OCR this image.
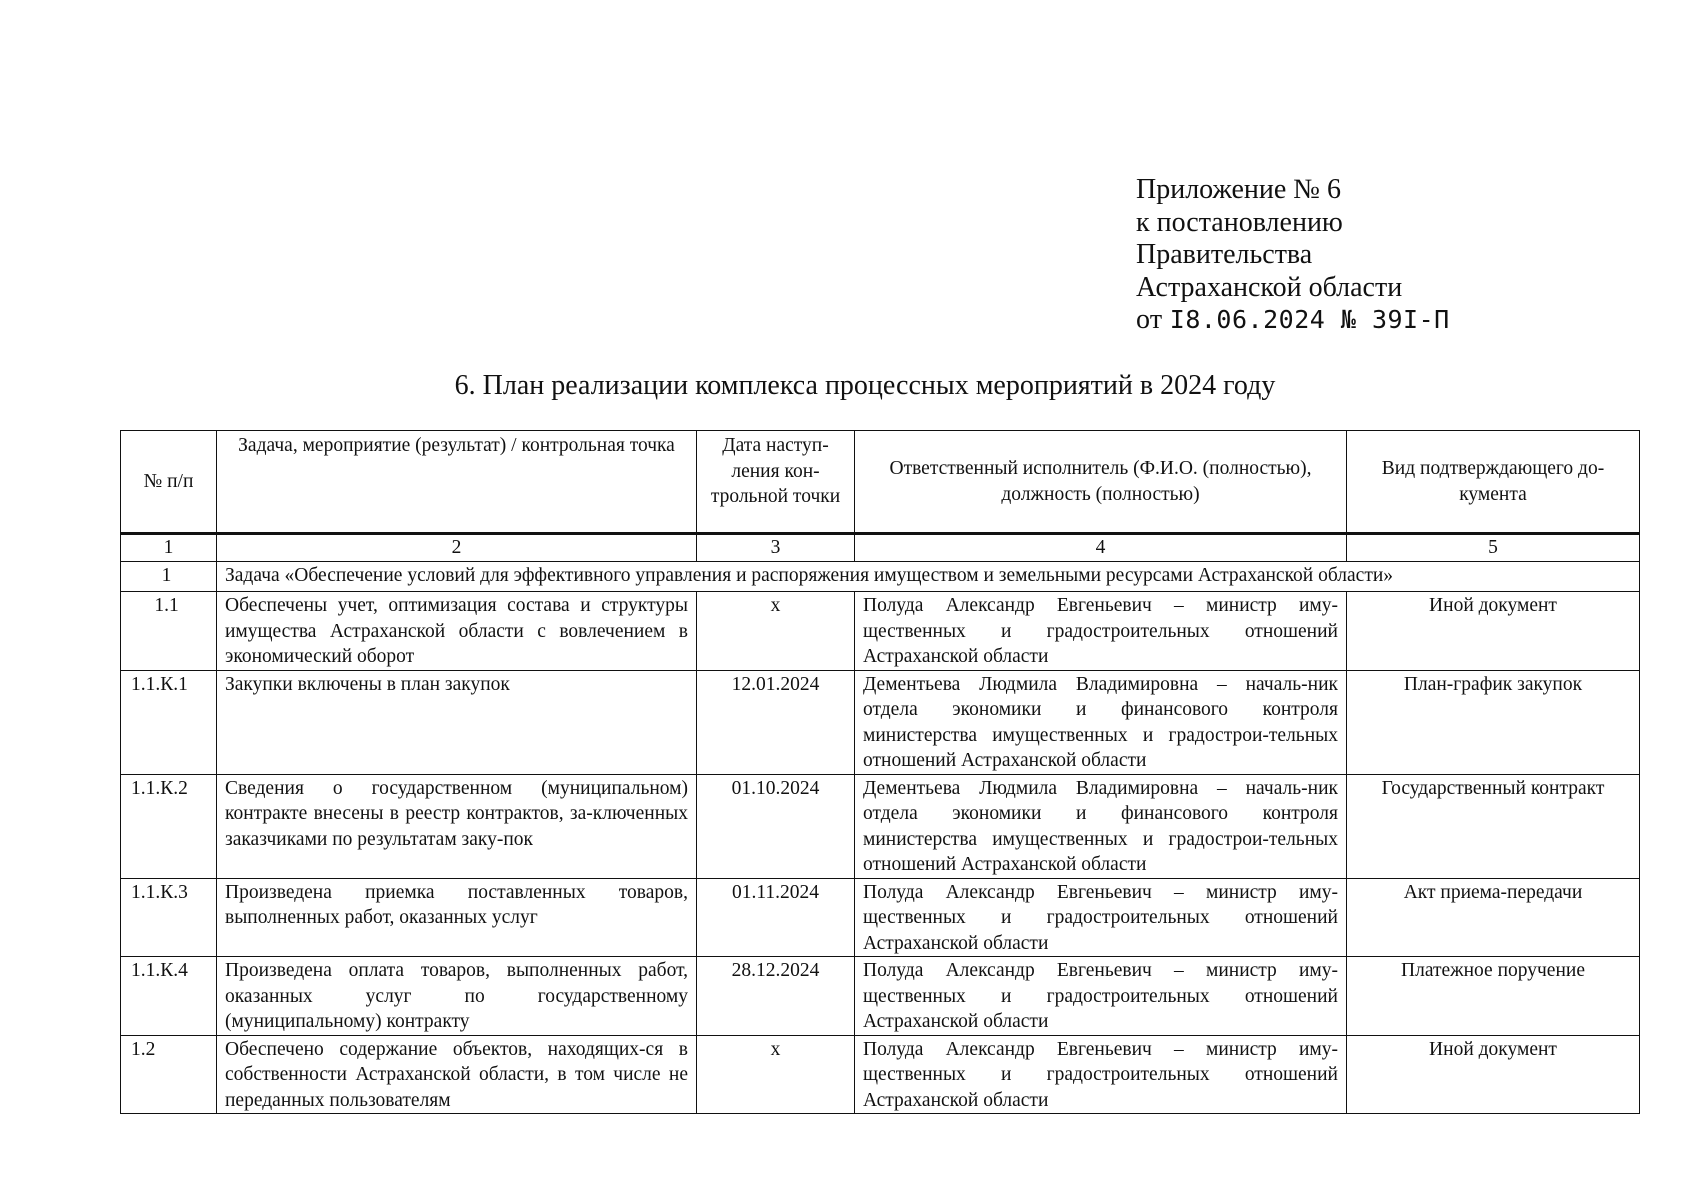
Приложение № 6
к постановлению
Правительства
Астраханской области
от I8.06.2024 № 39I-П
6. План реализации комплекса процессных мероприятий в 2024 году
№ п/п	Задача, мероприятие (результат) / контрольная точка	Дата наступ-ления кон-трольной точки	Ответственный исполнитель (Ф.И.О. (полностью), должность (полностью)	Вид подтверждающего до-кумента
1	2	3	4	5
1	Задача «Обеспечение условий для эффективного управления и распоряжения имуществом и земельными ресурсами Астраханской области»			
1.1	Обеспечены учет, оптимизация состава и структуры имущества Астраханской области с вовлечением в экономический оборот	х	Полуда Александр Евгеньевич – министр иму-щественных и градостроительных отношений Астраханской области	Иной документ
1.1.К.1	Закупки включены в план закупок	12.01.2024	Дементьева Людмила Владимировна – началь-ник отдела экономики и финансового контроля министерства имущественных и градострои-тельных отношений Астраханской области	План-график закупок
1.1.К.2	Сведения о государственном (муниципальном) контракте внесены в реестр контрактов, за-ключенных заказчиками по результатам заку-пок	01.10.2024	Дементьева Людмила Владимировна – началь-ник отдела экономики и финансового контроля министерства имущественных и градострои-тельных отношений Астраханской области	Государственный контракт
1.1.К.3	Произведена приемка поставленных товаров, выполненных работ, оказанных услуг	01.11.2024	Полуда Александр Евгеньевич – министр иму-щественных и градостроительных отношений Астраханской области	Акт приема-передачи
1.1.К.4	Произведена оплата товаров, выполненных работ, оказанных услуг по государственному (муниципальному) контракту	28.12.2024	Полуда Александр Евгеньевич – министр иму-щественных и градостроительных отношений Астраханской области	Платежное поручение
1.2	Обеспечено содержание объектов, находящих-ся в собственности Астраханской области, в том числе не переданных пользователям	х	Полуда Александр Евгеньевич – министр иму-щественных и градостроительных отношений Астраханской области	Иной документ
